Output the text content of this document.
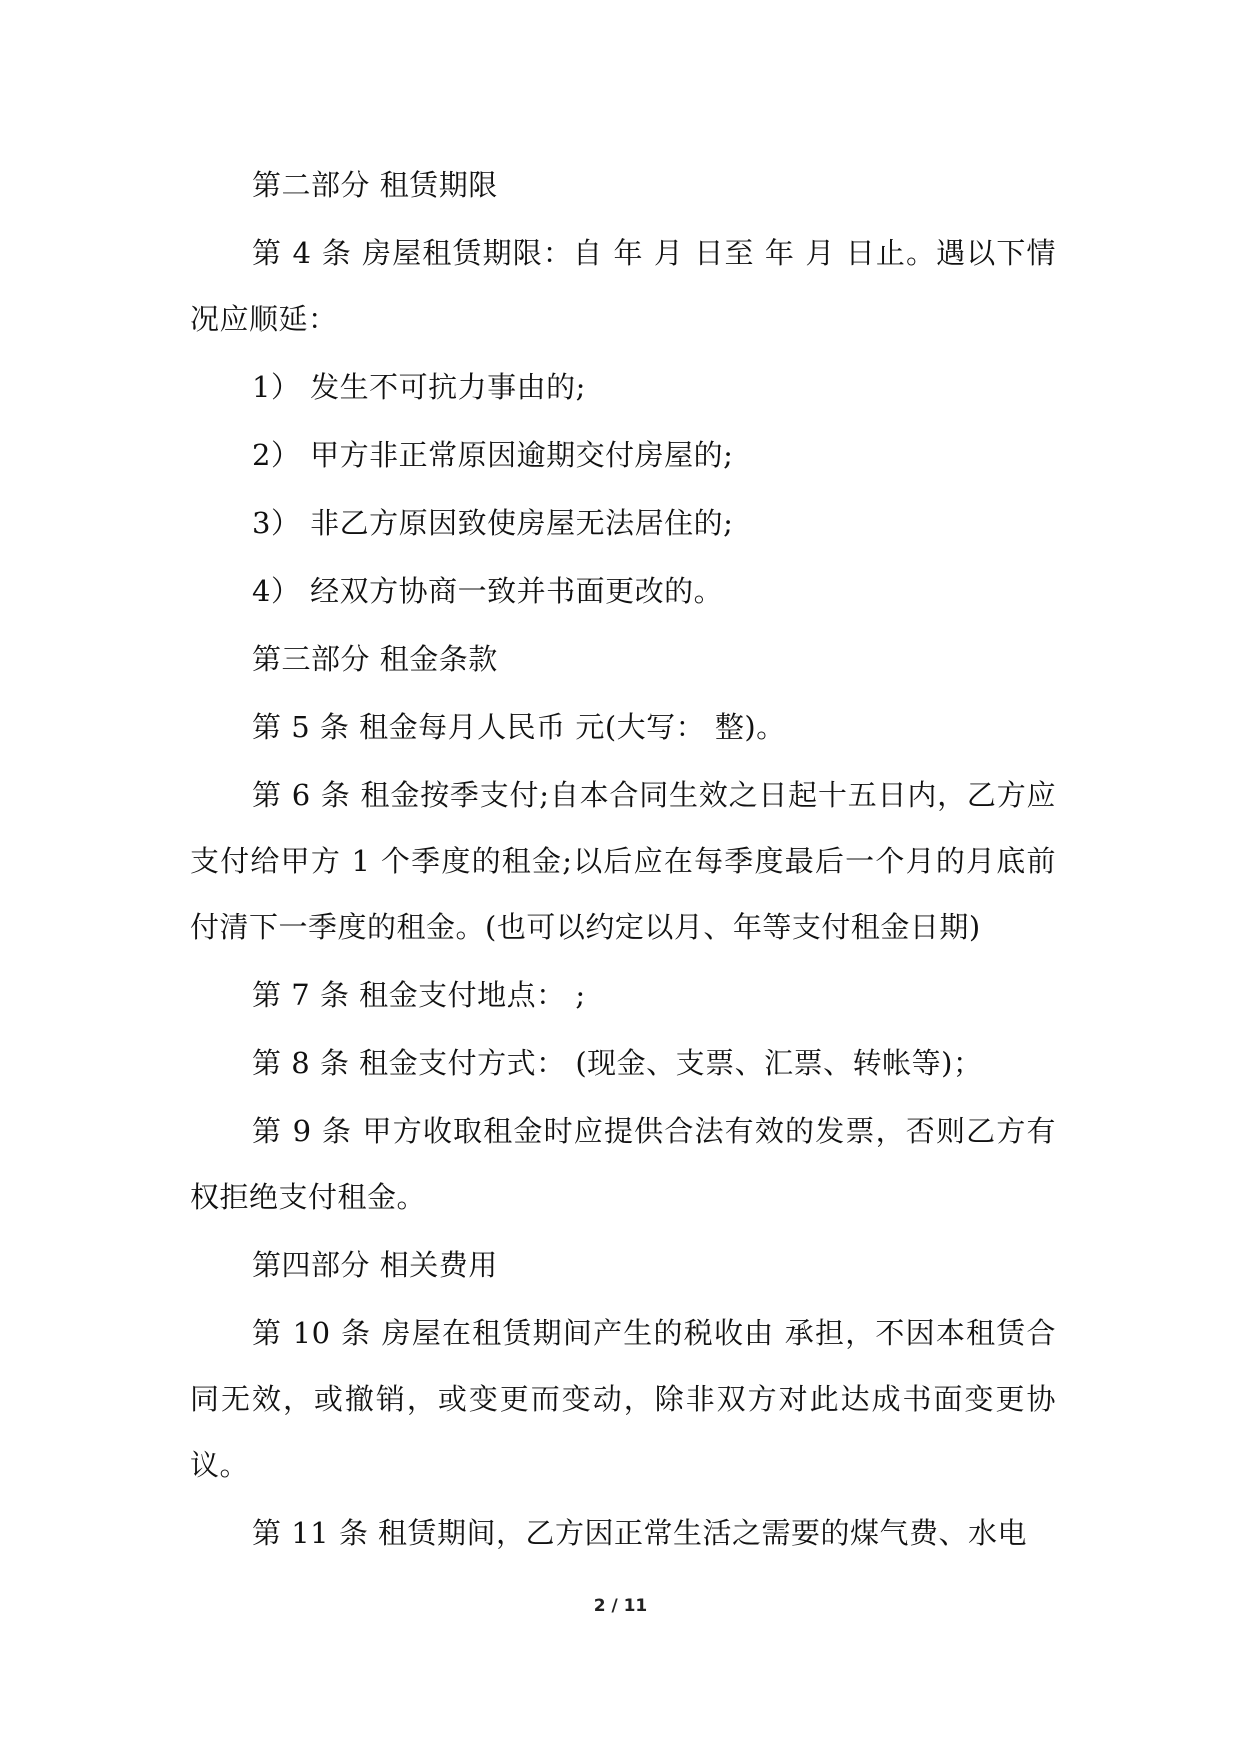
第二部分 租赁期限

第 4 条 房屋租赁期限：自 年 月 日至 年 月 日止。遇以下情况应顺延：

1） 发生不可抗力事由的;

2） 甲方非正常原因逾期交付房屋的;

3） 非乙方原因致使房屋无法居住的;

4） 经双方协商一致并书面更改的。

第三部分 租金条款

第 5 条 租金每月人民币 元(大写： 整)。

第 6 条 租金按季支付;自本合同生效之日起十五日内，乙方应支付给甲方 1 个季度的租金;以后应在每季度最后一个月的月底前付清下一季度的租金。(也可以约定以月、年等支付租金日期)

第 7 条 租金支付地点： ;

第 8 条 租金支付方式： (现金、支票、汇票、转帐等)；

第 9 条 甲方收取租金时应提供合法有效的发票，否则乙方有权拒绝支付租金。

第四部分 相关费用

第 10 条 房屋在租赁期间产生的税收由 承担，不因本租赁合同无效，或撤销，或变更而变动，除非双方对此达成书面变更协议。

第 11 条 租赁期间，乙方因正常生活之需要的煤气费、水电

2 / 11
